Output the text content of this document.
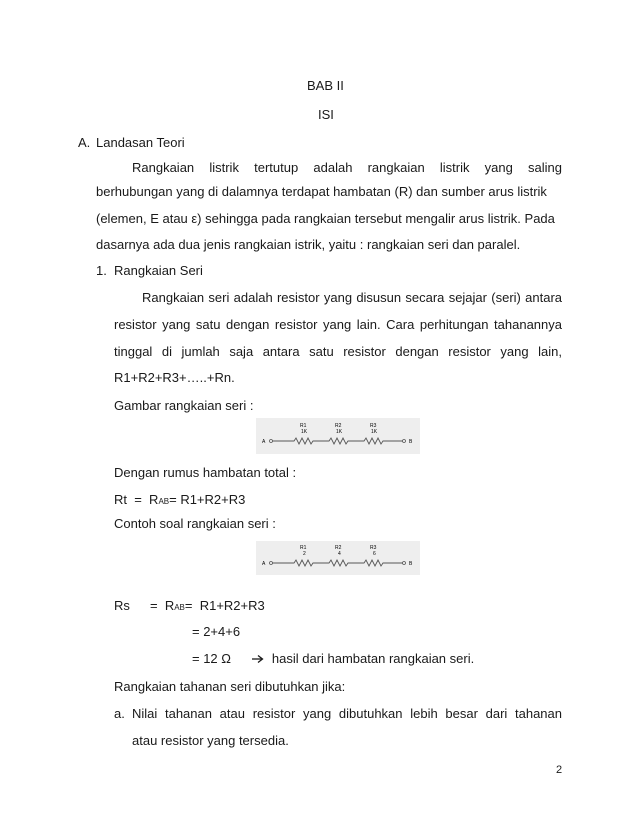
BAB II
ISI
A. Landasan Teori
Rangkaian listrik tertutup adalah rangkaian listrik yang saling
berhubungan yang di dalamnya terdapat hambatan (R) dan sumber arus listrik
(elemen, E atau ε) sehingga pada rangkaian tersebut mengalir arus listrik. Pada
dasarnya ada dua jenis rangkaian istrik, yaitu : rangkaian seri dan paralel.
1. Rangkaian Seri
Rangkaian seri adalah resistor yang disusun secara sejajar (seri) antara
resistor yang satu dengan resistor yang lain. Cara perhitungan tahanannya
tinggal di jumlah saja antara satu resistor dengan resistor yang lain,
R1+R2+R3+…..+Rn.
Gambar rangkaian seri :
R1
1K
R2
1K
R3
1K
A	B
Dengan rumus hambatan total :
Rt  =  RAB= R1+R2+R3
Contoh soal rangkaian seri :
R1
2
R2
4
R3
6
A	B
Rs =  RAB=  R1+R2+R3
= 2+4+6
= 12 Ω	hasil dari hambatan rangkaian seri.
Rangkaian tahanan seri dibutuhkan jika:
a. Nilai tahanan atau resistor yang dibutuhkan lebih besar dari tahanan
atau resistor yang tersedia.
2
